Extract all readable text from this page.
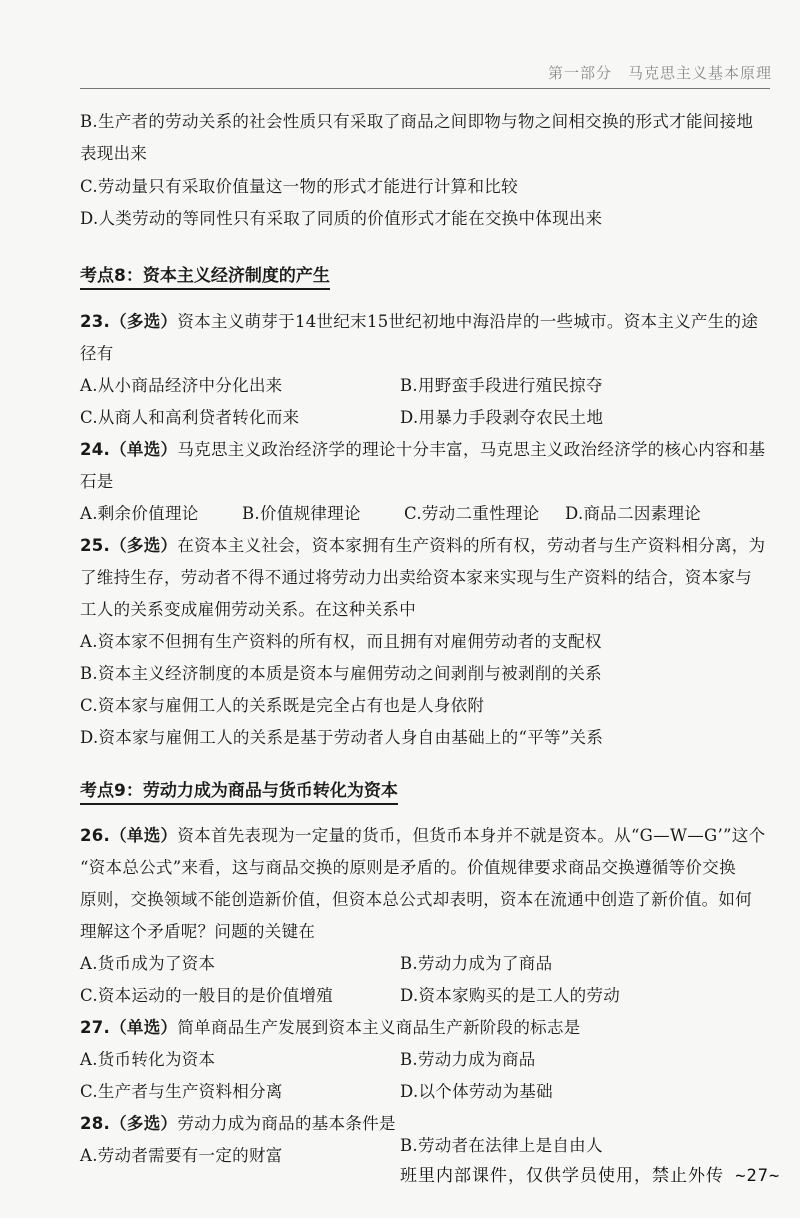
第一部分　马克思主义基本原理
B.生产者的劳动关系的社会性质只有采取了商品之间即物与物之间相交换的形式才能间接地
表现出来
C.劳动量只有采取价值量这一物的形式才能进行计算和比较
D.人类劳动的等同性只有采取了同质的价值形式才能在交换中体现出来
考点8：资本主义经济制度的产生
23.（多选）资本主义萌芽于14世纪末15世纪初地中海沿岸的一些城市。资本主义产生的途
径有
A.从小商品经济中分化出来	B.用野蛮手段进行殖民掠夺
C.从商人和高利贷者转化而来	D.用暴力手段剥夺农民土地
24.（单选）马克思主义政治经济学的理论十分丰富，马克思主义政治经济学的核心内容和基
石是
A.剩余价值理论	B.价值规律理论	C.劳动二重性理论 D.商品二因素理论
25.（多选）在资本主义社会，资本家拥有生产资料的所有权，劳动者与生产资料相分离，为
了维持生存，劳动者不得不通过将劳动力出卖给资本家来实现与生产资料的结合，资本家与
工人的关系变成雇佣劳动关系。在这种关系中
A.资本家不但拥有生产资料的所有权，而且拥有对雇佣劳动者的支配权
B.资本主义经济制度的本质是资本与雇佣劳动之间剥削与被剥削的关系
C.资本家与雇佣工人的关系既是完全占有也是人身依附
D.资本家与雇佣工人的关系是基于劳动者人身自由基础上的“平等”关系
考点9：劳动力成为商品与货币转化为资本
26.（单选）资本首先表现为一定量的货币，但货币本身并不就是资本。从“G—W—G’”这个
“资本总公式”来看，这与商品交换的原则是矛盾的。价值规律要求商品交换遵循等价交换
原则，交换领域不能创造新价值，但资本总公式却表明，资本在流通中创造了新价值。如何
理解这个矛盾呢？问题的关键在
A.货币成为了资本	B.劳动力成为了商品
C.资本运动的一般目的是价值增殖	D.资本家购买的是工人的劳动
27.（单选）简单商品生产发展到资本主义商品生产新阶段的标志是
A.货币转化为资本	B.劳动力成为商品
C.生产者与生产资料相分离	D.以个体劳动为基础
28.（多选）劳动力成为商品的基本条件是
A.劳动者需要有一定的财富
B.劳动者在法律上是自由人
班里内部课件，仅供学员使用，禁止外传 ~27~
